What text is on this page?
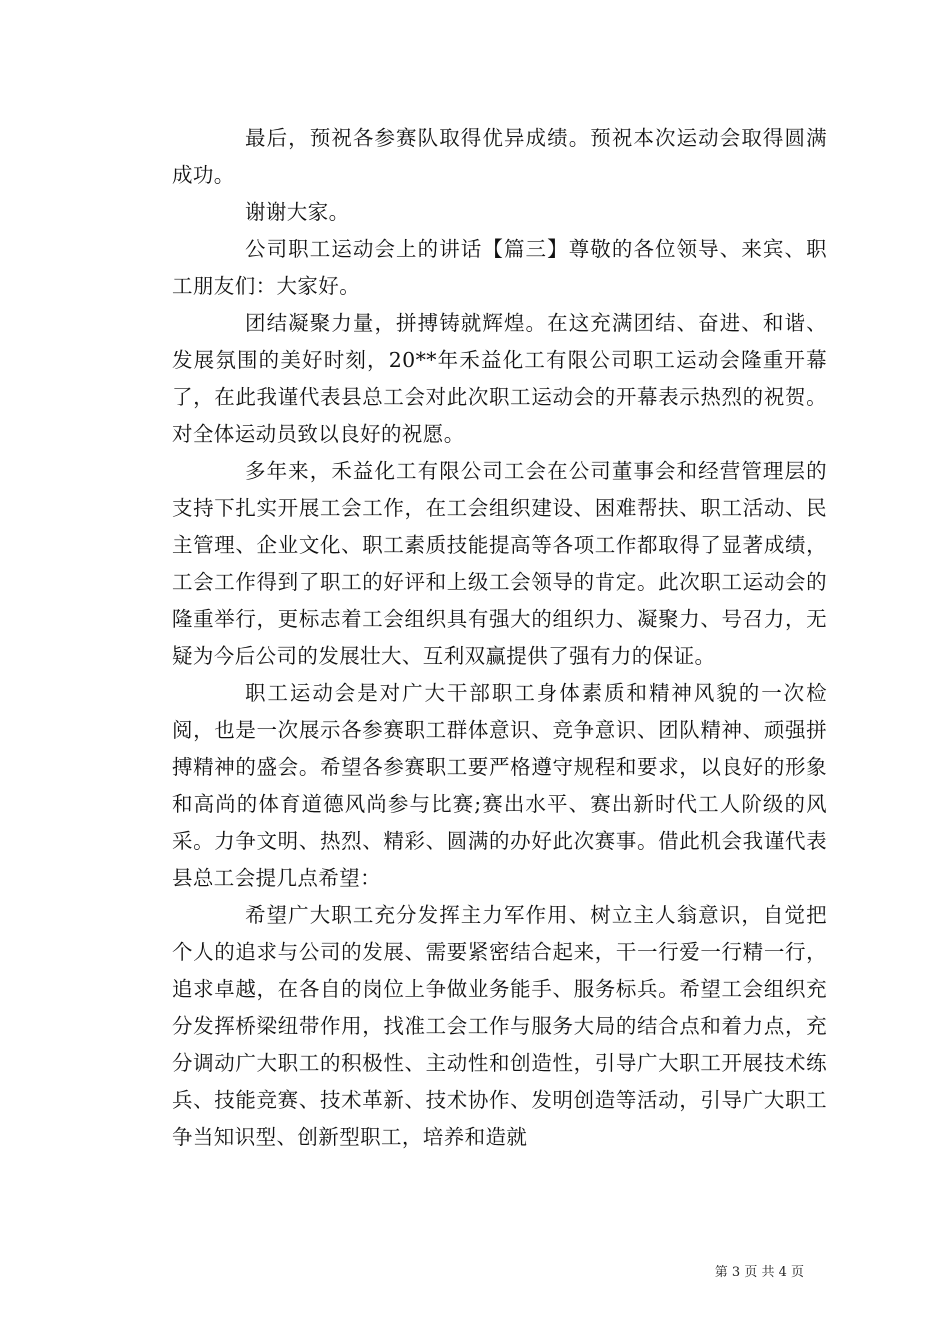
最后，预祝各参赛队取得优异成绩。预祝本次运动会取得圆满成功。

谢谢大家。

公司职工运动会上的讲话【篇三】尊敬的各位领导、来宾、职工朋友们：大家好。

团结凝聚力量，拼搏铸就辉煌。在这充满团结、奋进、和谐、发展氛围的美好时刻，20**年禾益化工有限公司职工运动会隆重开幕了，在此我谨代表县总工会对此次职工运动会的开幕表示热烈的祝贺。对全体运动员致以良好的祝愿。

多年来，禾益化工有限公司工会在公司董事会和经营管理层的支持下扎实开展工会工作，在工会组织建设、困难帮扶、职工活动、民主管理、企业文化、职工素质技能提高等各项工作都取得了显著成绩，工会工作得到了职工的好评和上级工会领导的肯定。此次职工运动会的隆重举行，更标志着工会组织具有强大的组织力、凝聚力、号召力，无疑为今后公司的发展壮大、互利双赢提供了强有力的保证。

职工运动会是对广大干部职工身体素质和精神风貌的一次检阅，也是一次展示各参赛职工群体意识、竞争意识、团队精神、顽强拼搏精神的盛会。希望各参赛职工要严格遵守规程和要求，以良好的形象和高尚的体育道德风尚参与比赛;赛出水平、赛出新时代工人阶级的风采。力争文明、热烈、精彩、圆满的办好此次赛事。借此机会我谨代表县总工会提几点希望：

希望广大职工充分发挥主力军作用、树立主人翁意识，自觉把个人的追求与公司的发展、需要紧密结合起来，干一行爱一行精一行，追求卓越，在各自的岗位上争做业务能手、服务标兵。希望工会组织充分发挥桥梁纽带作用，找准工会工作与服务大局的结合点和着力点，充分调动广大职工的积极性、主动性和创造性，引导广大职工开展技术练兵、技能竞赛、技术革新、技术协作、发明创造等活动，引导广大职工争当知识型、创新型职工，培养和造就

第 3 页 共 4 页
